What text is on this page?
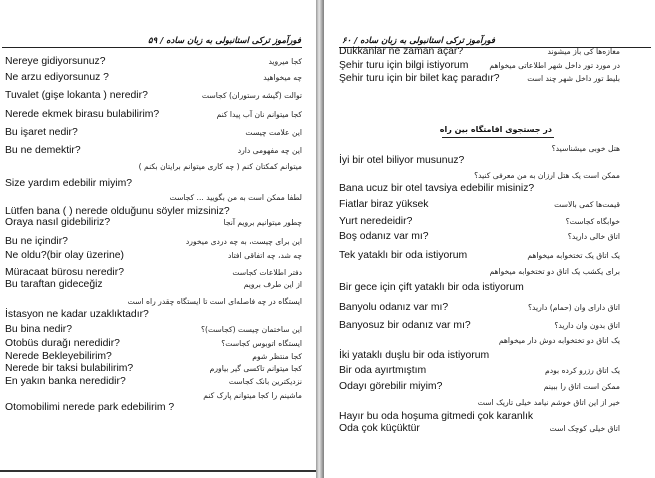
فورآموز ترکی استانبولی به زبان ساده / ۵۹
Nereye gidiyorsunuz?	کجا میروید
Ne arzu ediyorsunuz ?	چه میخواهید
Tuvalet (gişe lokanta ) neredir?	توالت (گیشه رستوران) کجاست
Nerede ekmek birasu bulabilirim?	کجا میتوانم نان آب پیدا کنم
Bu işaret nedir?	این علامت چیست
Bu ne demektir?	این چه مفهومی دارد
میتوانم کمکتان کنم ( چه کاری میتوانم برایتان بکنم )
Size yardım edebilir miyim?
لطفا ممکن است به من بگویید ... کجاست
Lütfen bana ( ) nerede olduğunu söyler mizsiniz?
Oraya nasıl gidebiliriz?	چطور میتوانیم برویم آنجا
Bu ne içindir?	این برای چیست، به چه دردی میخورد
Ne oldu?(bir olay üzerine)	چه شد، چه اتفاقی افتاد
Müracaat bürosu neredir?	دفتر اطلاعات کجاست
Bu taraftan gideceğiz	از این طرف برویم
ایستگاه در چه فاصله‌ای است تا ایستگاه چقدر راه است
İstasyon ne kadar uzaklıktadır?
Bu bina nedir?	این ساختمان چیست (کجاست)؟
Otobüs durağı neredidir?	ایستگاه اتوبوس کجاست؟
Nerede Bekleyebilirim?	کجا منتظر شوم
Nerede bir taksi bulabilirim?	کجا میتوانم تاکسی گیر بیاورم
En yakın banka neredidir?	نزدیکترین بانک کجاست
ماشینم را کجا میتوانم پارک کنم
Otomobilimi nerede park edebilirim ?
۶۰ / فورآموز ترکی استانبولی به زبان ساده
Dükkanlar ne zaman açar?	مغازه‌ها کی باز میشوند
Şehir turu için bilgi istiyorum	در مورد تور داخل شهر اطلاعاتی میخواهم
Şehir turu için bir bilet kaç paradır?	بلیط تور داخل شهر چند است
در جستجوی اقامتگاه بین راه
هتل خوبی میشناسید؟
İyi bir otel biliyor musunuz?
ممکن است یک هتل ارزان به من معرفی کنید؟
Bana ucuz bir otel tavsiya edebilir misiniz?
Fiatlar biraz yüksek	قیمت‌ها کمی بالاست
Yurt neredeidir?	خوابگاه کجاست؟
Boş odanız var mı?	اتاق خالی دارید؟
Tek yataklı bir oda istiyorum	یک اتاق یک تختخوابه میخواهم
برای یکشب یک اتاق دو تختخوابه میخواهم
Bir gece için çift yataklı bir oda istiyorum
Banyolu odanız var mı?	اتاق دارای وان (حمام) دارید؟
Banyosuz bir odanız var mı?	اتاق بدون وان دارید؟
یک اتاق دو تختخوابه دوش دار میخواهم
İki yataklı duşlu bir oda istiyorum
Bir oda ayırtmıştım	یک اتاق رزرو کرده بودم
Odayı görebilir miyim?	ممکن است اتاق را ببینم
خیر از این اتاق خوشم نیامد خیلی تاریک است
Hayır bu oda hoşuma gitmedi çok karanlık
Oda çok küçüktür	اتاق خیلی کوچک است
